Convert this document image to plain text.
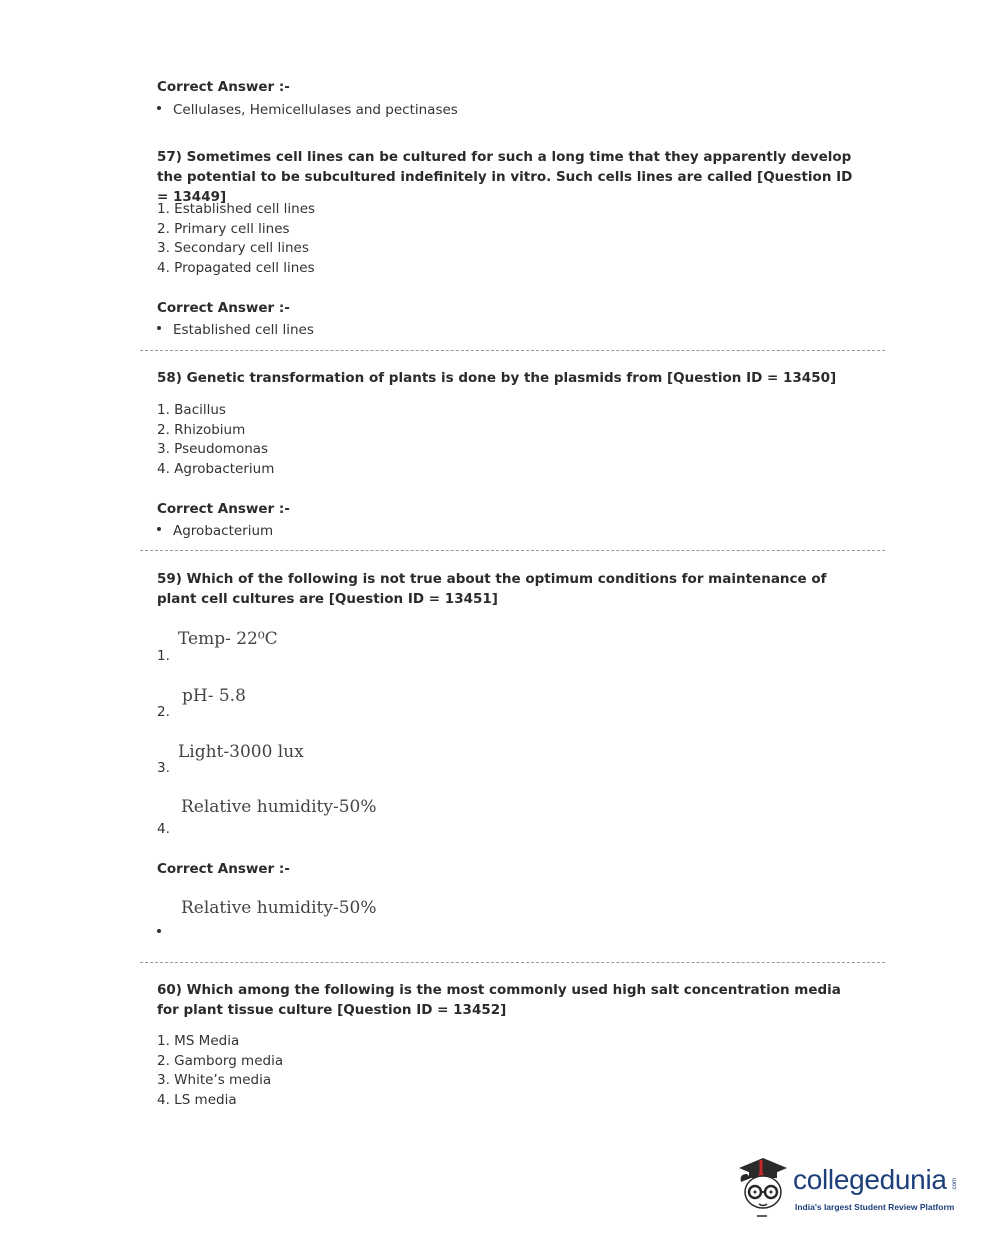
Correct Answer :-
Cellulases, Hemicellulases and pectinases
57) Sometimes cell lines can be cultured for such a long time that they apparently develop the potential to be subcultured indefinitely in vitro. Such cells lines are called [Question ID = 13449]
1. Established cell lines
2. Primary cell lines
3. Secondary cell lines
4. Propagated cell lines
Correct Answer :-
Established cell lines
58) Genetic transformation of plants is done by the plasmids from [Question ID = 13450]
1. Bacillus
2. Rhizobium
3. Pseudomonas
4. Agrobacterium
Correct Answer :-
Agrobacterium
59) Which of the following is not true about the optimum conditions for maintenance of plant cell cultures are [Question ID = 13451]
Temp- 22⁰C
1.
pH- 5.8
2.
Light-3000 lux
3.
Relative humidity-50%
4.
Correct Answer :-
Relative humidity-50%
60) Which among the following is the most commonly used high salt concentration media for plant tissue culture [Question ID = 13452]
1. MS Media
2. Gamborg media
3. White’s media
4. LS media
collegedunia .com
India's largest Student Review Platform
